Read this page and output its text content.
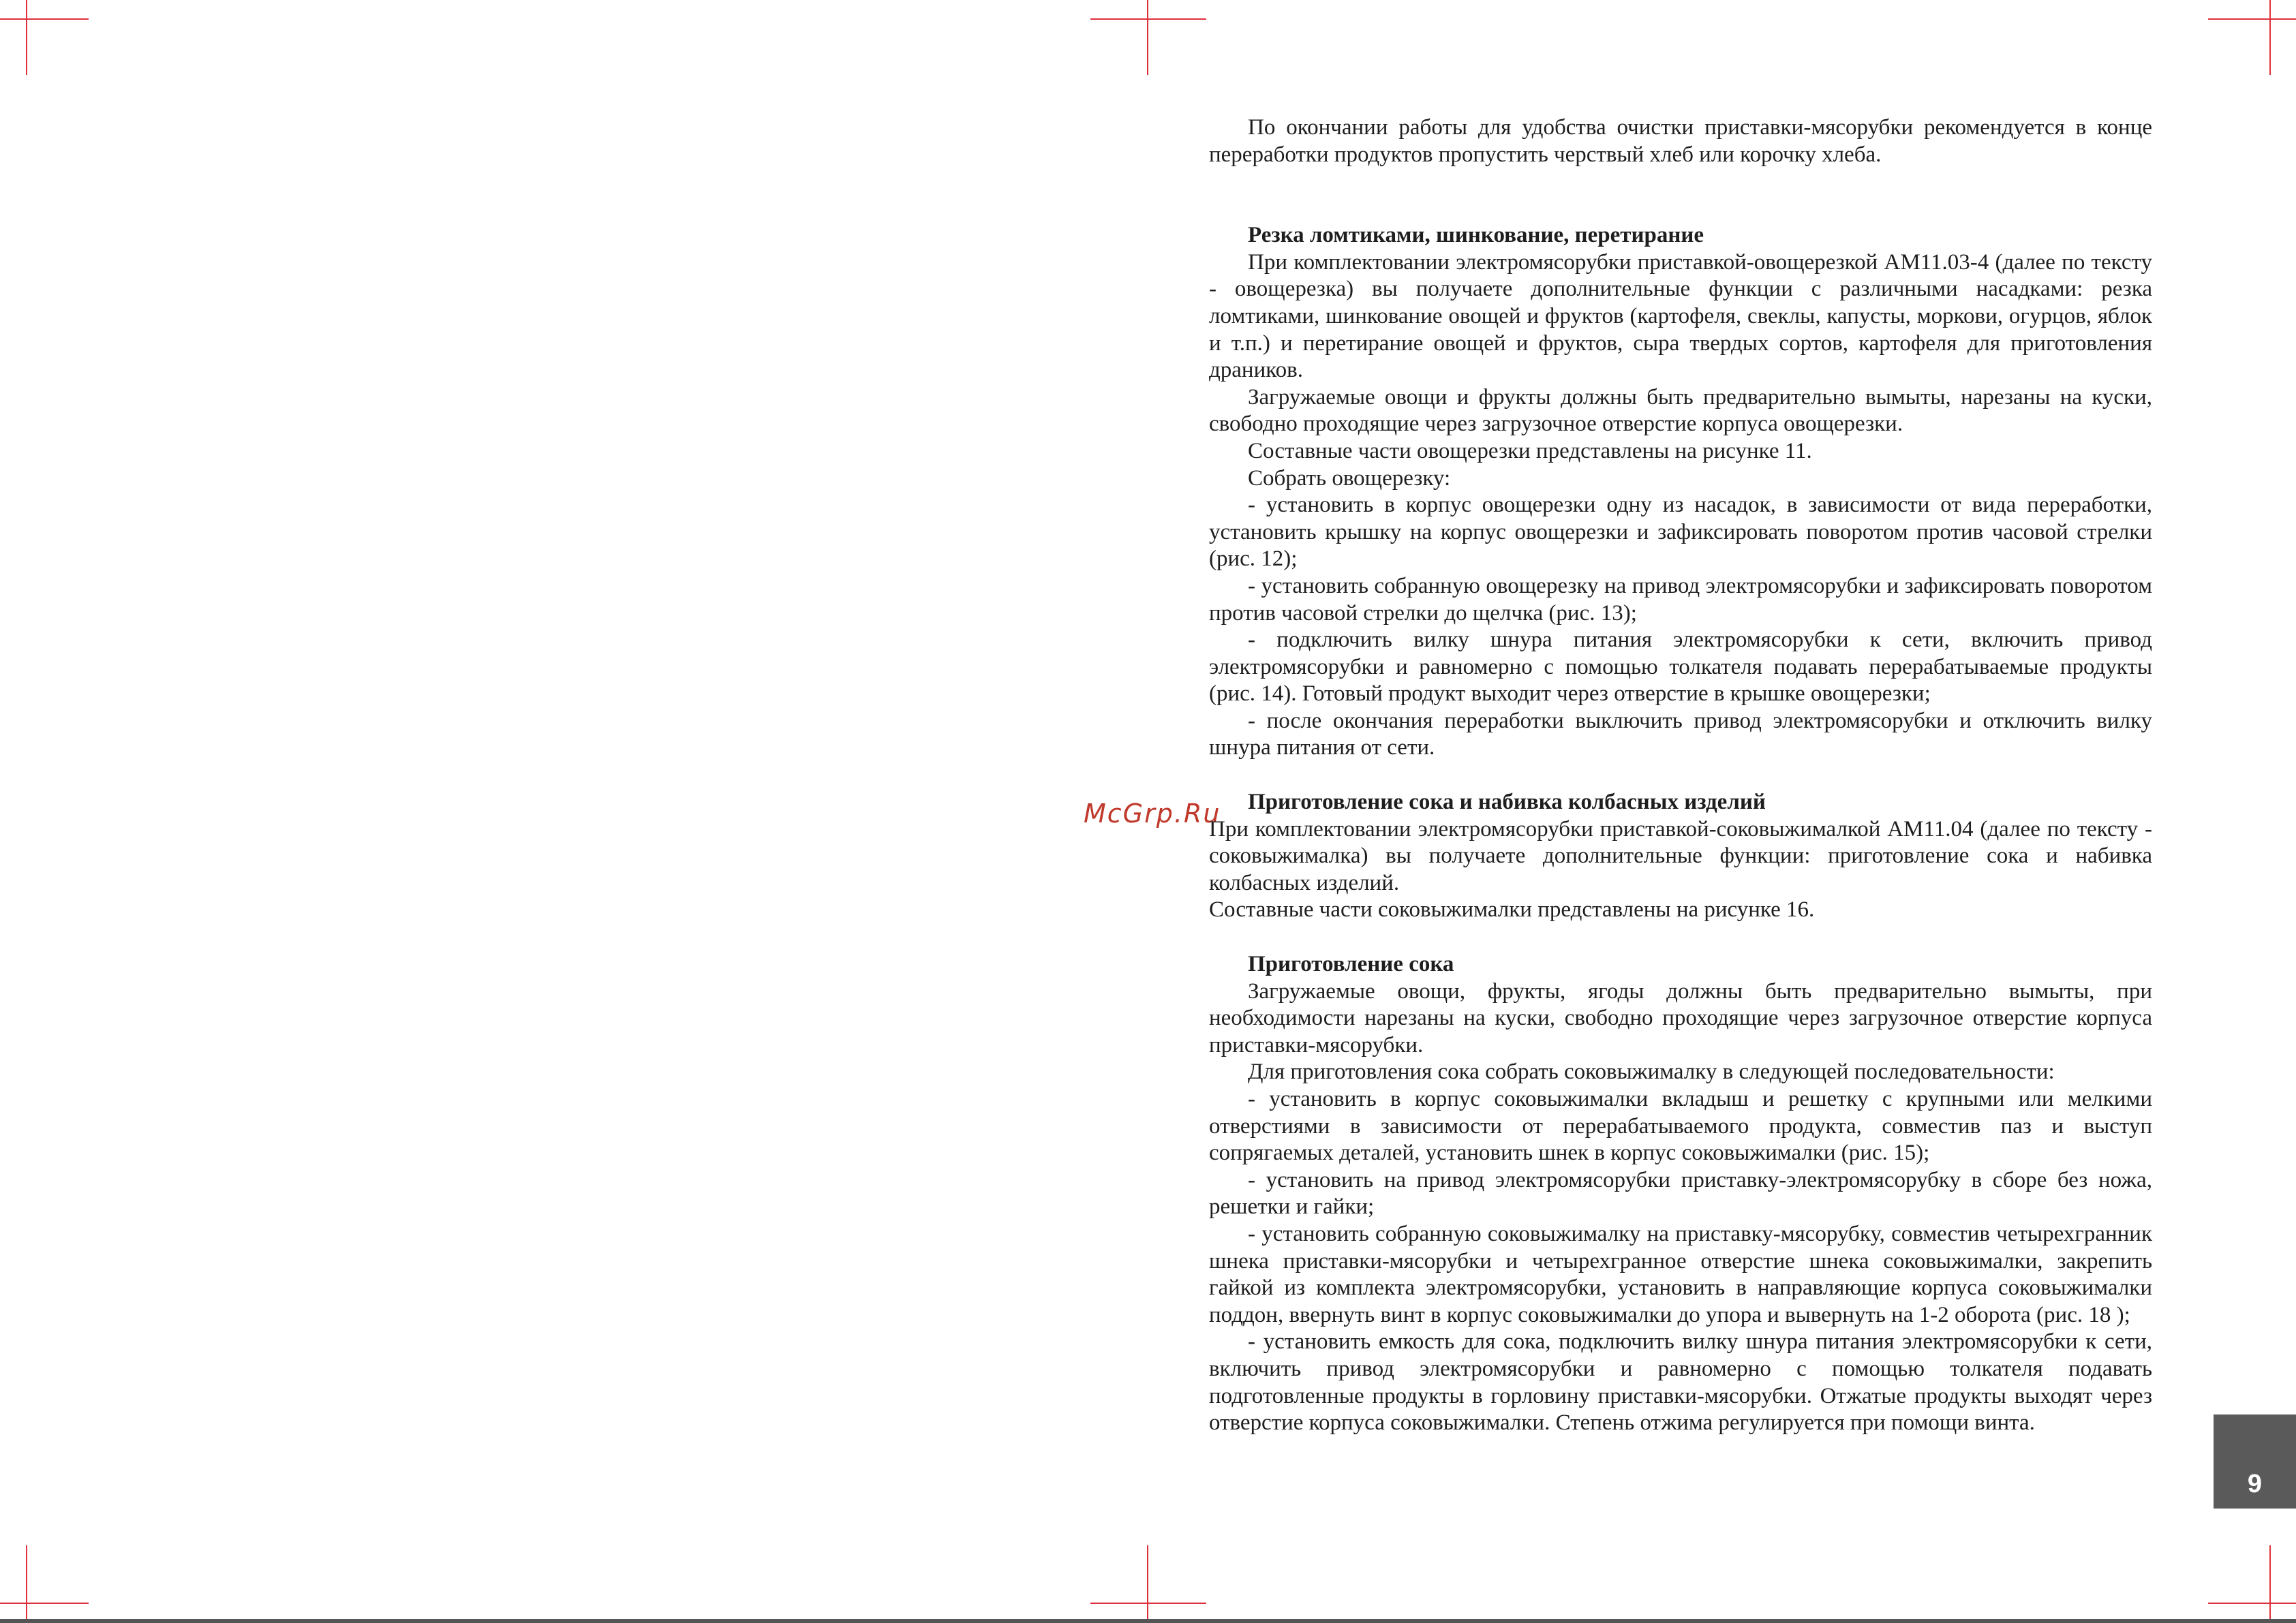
McGrp.Ru

По окончании работы для удобства очистки приставки-мясорубки рекомендуется в конце переработки продуктов пропустить черствый хлеб или корочку хлеба.

Резка ломтиками, шинкование, перетирание

При комплектовании электромясорубки приставкой-овощерезкой АМ11.03-4 (далее по тексту - овощерезка) вы получаете дополнительные функции с различными насадками: резка ломтиками, шинкование овощей и фруктов (картофеля, свеклы, капусты, моркови, огурцов, яблок и т.п.) и перетирание овощей и фруктов, сыра твердых сортов, картофеля для приготовления драников.

Загружаемые овощи и фрукты должны быть предварительно вымыты, нарезаны на куски, свободно проходящие через загрузочное отверстие корпуса овощерезки.

Составные части овощерезки представлены на рисунке 11.

Собрать овощерезку:

- установить в корпус овощерезки одну из насадок, в зависимости от вида переработки, установить крышку на корпус овощерезки и зафиксировать поворотом против часовой стрелки (рис. 12);

- установить собранную овощерезку на привод электромясорубки и зафиксировать поворотом против часовой стрелки до щелчка (рис. 13);

- подключить вилку шнура питания электромясорубки к сети, включить привод электромясорубки и равномерно с помощью толкателя подавать перерабатываемые продукты (рис. 14). Готовый продукт выходит через отверстие в крышке овощерезки;

- после окончания переработки выключить привод электромясорубки и отключить вилку шнура питания от сети.

Приготовление сока и набивка колбасных изделий

При комплектовании электромясорубки приставкой-соковыжималкой АМ11.04 (далее по тексту - соковыжималка) вы получаете дополнительные функции: приготовление сока и набивка колбасных изделий.

Составные части соковыжималки представлены на рисунке 16.

Приготовление сока

Загружаемые овощи, фрукты, ягоды должны быть предварительно вымыты, при необходимости нарезаны на куски, свободно проходящие через загрузочное отверстие корпуса приставки-мясорубки.

Для приготовления сока собрать соковыжималку в следующей последовательности:

- установить в корпус соковыжималки вкладыш и решетку с крупными или мелкими отверстиями в зависимости от перерабатываемого продукта, совместив паз и выступ сопрягаемых деталей, установить шнек в корпус соковыжималки (рис. 15);

- установить на привод электромясорубки приставку-электромясорубку в сборе без ножа, решетки и гайки;

- установить собранную соковыжималку на приставку-мясорубку, совместив четырехгранник шнека приставки-мясорубки и четырехгранное отверстие шнека соковыжималки, закрепить гайкой из комплекта электромясорубки, установить в направляющие корпуса соковыжималки поддон, ввернуть винт в корпус соковыжималки до упора и вывернуть на 1-2 оборота (рис. 18 );

- установить емкость для сока, подключить вилку шнура питания электромясорубки к сети, включить привод электромясорубки и равномерно с помощью толкателя подавать подготовленные продукты в горловину приставки-мясорубки. Отжатые продукты выходят через отверстие корпуса соковыжималки. Степень отжима регулируется при помощи винта.

9
